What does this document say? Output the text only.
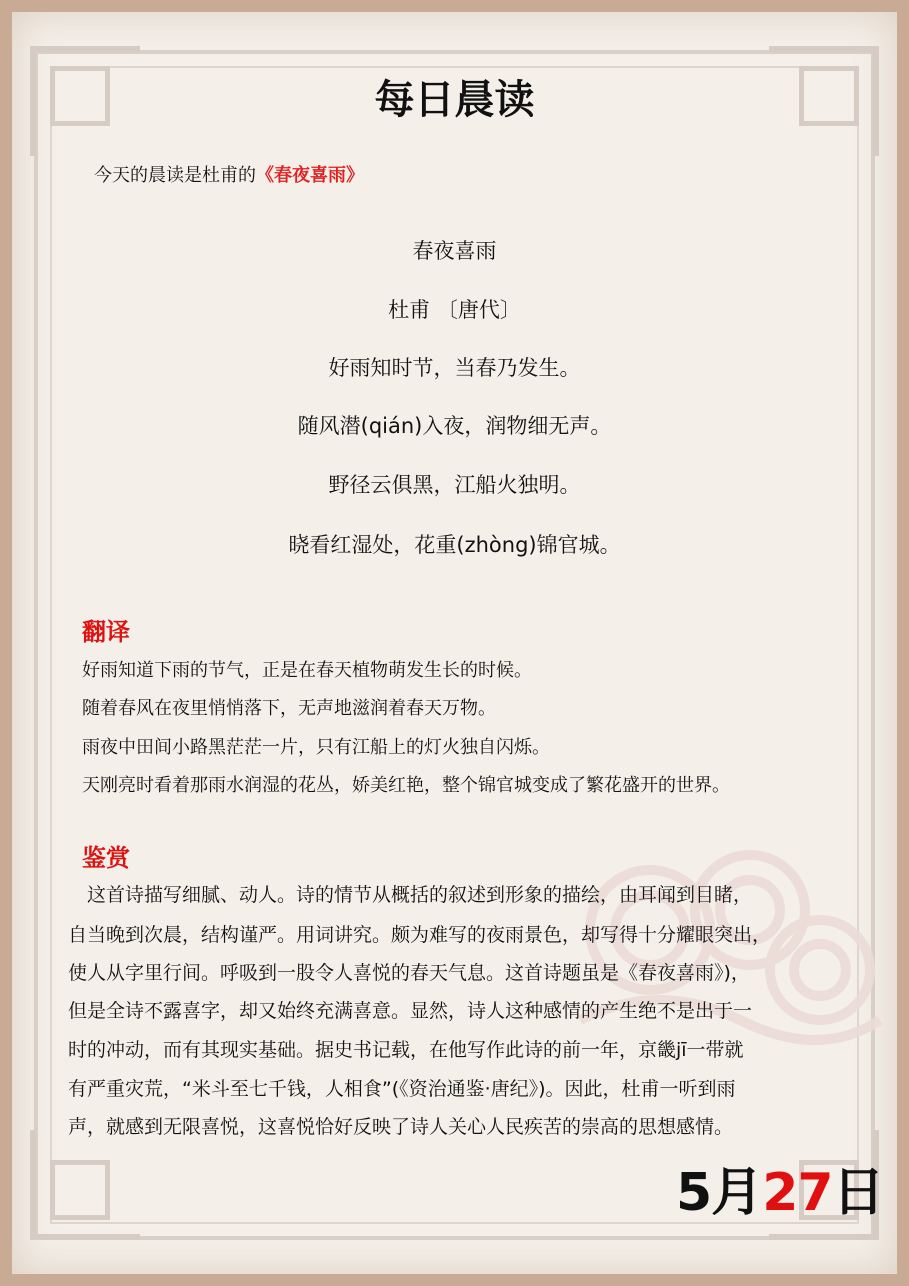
每日晨读
今天的晨读是杜甫的《春夜喜雨》
春夜喜雨
杜甫 〔唐代〕
好雨知时节，当春乃发生。
随风潜(qián)入夜，润物细无声。
野径云俱黑，江船火独明。
晓看红湿处，花重(zhòng)锦官城。
翻译
好雨知道下雨的节气，正是在春天植物萌发生长的时候。
随着春风在夜里悄悄落下，无声地滋润着春天万物。
雨夜中田间小路黑茫茫一片，只有江船上的灯火独自闪烁。
天刚亮时看着那雨水润湿的花丛，娇美红艳，整个锦官城变成了繁花盛开的世界。
鉴赏
　这首诗描写细腻、动人。诗的情节从概括的叙述到形象的描绘，由耳闻到目睹，
自当晚到次晨，结构谨严。用词讲究。颇为难写的夜雨景色，却写得十分耀眼突出，
使人从字里行间。呼吸到一股令人喜悦的春天气息。这首诗题虽是《春夜喜雨》)，
但是全诗不露喜字，却又始终充满喜意。显然，诗人这种感情的产生绝不是出于一
时的冲动，而有其现实基础。据史书记载，在他写作此诗的前一年，京畿jī一带就
有严重灾荒，“米斗至七千钱，人相食”(《资治通鉴·唐纪》)。因此，杜甫一听到雨
声，就感到无限喜悦，这喜悦恰好反映了诗人关心人民疾苦的崇高的思想感情。
5月27日
